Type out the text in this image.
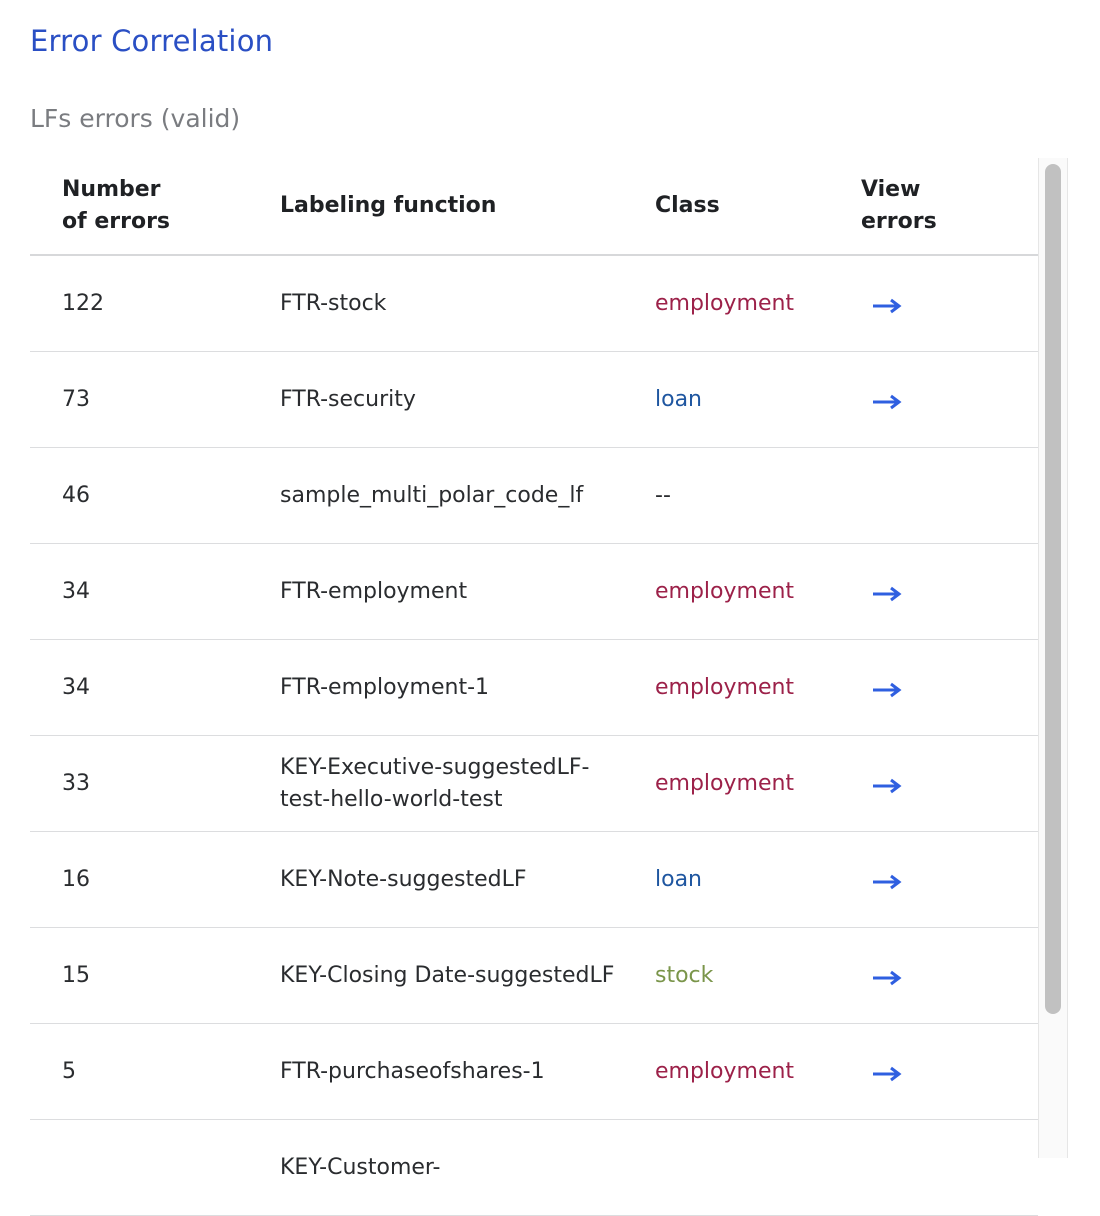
Error Correlation
LFs errors (valid)
Number of errors	Labeling function	Class	View errors
122	FTR-stock	employment	
73	FTR-security	loan	
46	sample_multi_polar_code_lf	--	
34	FTR-employment	employment	
34	FTR-employment-1	employment	
33	KEY-Executive-suggestedLF-test-hello-world-test	employment	
16	KEY-Note-suggestedLF	loan	
15	KEY-Closing Date-suggestedLF	stock	
5	FTR-purchaseofshares-1	employment	
	KEY-Customer-		
